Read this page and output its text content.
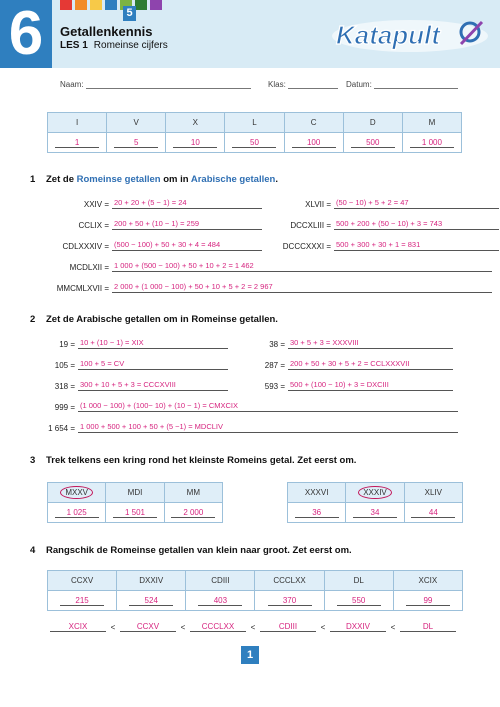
6	5
Getallenkennis
LES 1 Romeinse cijfers	Katapult
Naam:	Klas:	Datum:
I	V	X	L	C	D	M
1	5	10	50	100	500	1 000
1 Zet de Romeinse getallen om in Arabische getallen.
XXIV = 20 + 20 + (5 − 1) = 24	XLVII = (50 − 10) + 5 + 2 = 47
CCLIX = 200 + 50 + (10 − 1) = 259	DCCXLIII = 500 + 200 + (50 − 10) + 3 = 743
CDLXXXIV = (500 − 100) + 50 + 30 + 4 = 484	DCCCXXXI = 500 + 300 + 30 + 1 = 831
MCDLXII = 1 000 + (500 − 100) + 50 + 10 + 2 = 1 462
MMCMLXVII = 2 000 + (1 000 − 100) + 50 + 10 + 5 + 2 = 2 967
2 Zet de Arabische getallen om in Romeinse getallen.
19 = 10 + (10 − 1) = XIX	38 = 30 + 5 + 3 = XXXVIII
105 = 100 + 5 = CV	287 = 200 + 50 + 30 + 5 + 2 = CCLXXXVII
318 = 300 + 10 + 5 + 3 = CCCXVIII	593 = 500 + (100 − 10) + 3 = DXCIII
999 = (1 000 − 100) + (100− 10) + (10 − 1) = CMXCIX
1 654 = 1 000 + 500 + 100 + 50 + (5 −1) = MDCLIV
3 Trek telkens een kring rond het kleinste Romeins getal. Zet eerst om.
MXXV	MDI	MM
1 025	1 501	2 000
XXXVI	XXXIV	XLIV
36	34	44
4 Rangschik de Romeinse getallen van klein naar groot. Zet eerst om.
CCXV	DXXIV	CDIII	CCCLXX	DL	XCIX
215	524	403	370	550	99
XCIX	<	CCXV	<	CCCLXX	<	CDIII	<	DXXIV	<	DL
1
